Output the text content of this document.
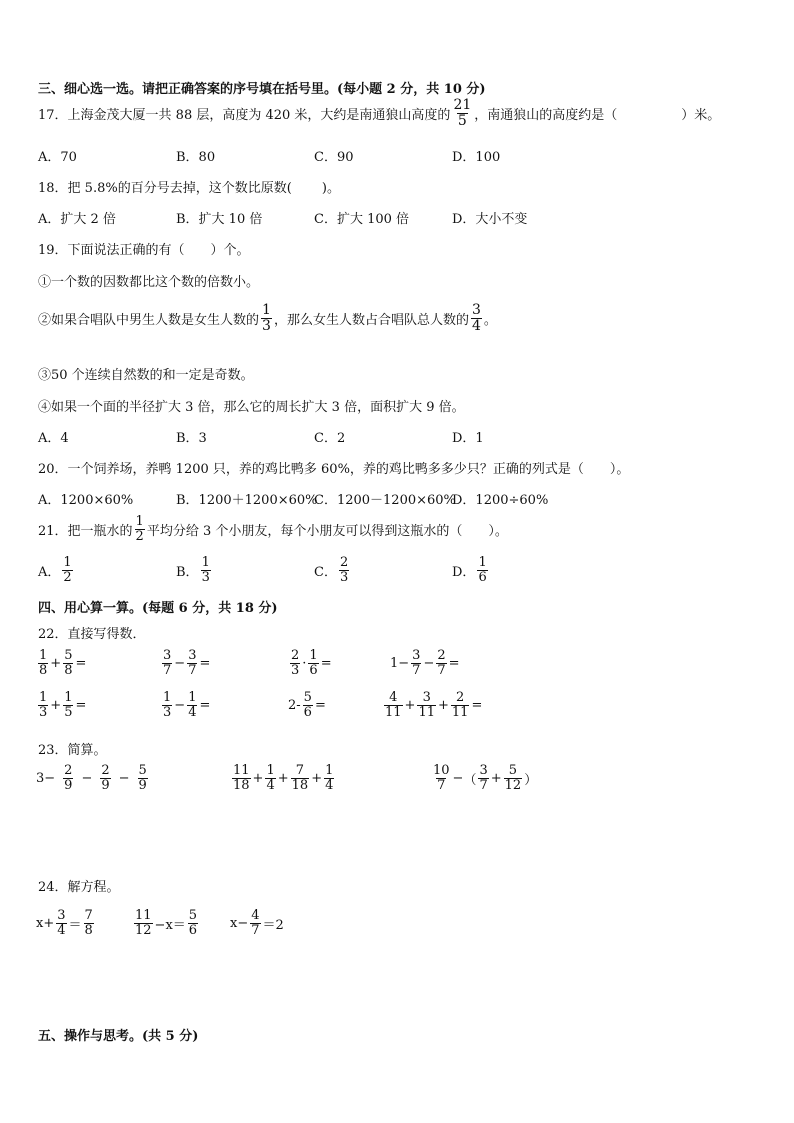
三、细心选一选。请把正确答案的序号填在括号里。(每小题 2 分，共 10 分)
17．上海金茂大厦一共 88 层，高度为 420 米，大约是南通狼山高度的 $\frac{21}{5}$ ，南通狼山的高度约是（	）米。
A．70	B．80	C．90	D．100
18．把 5.8%的百分号去掉，这个数比原数(　　 )。
A．扩大 2 倍	B．扩大 10 倍	C．扩大 100 倍	D．大小不变
19．下面说法正确的有（　　）个。
①一个数的因数都比这个数的倍数小。
②如果合唱队中男生人数是女生人数的 $\frac{1}{3}$ ，那么女生人数占合唱队总人数的 $\frac{3}{4}$ 。
③50 个连续自然数的和一定是奇数。
④如果一个面的半径扩大 3 倍，那么它的周长扩大 3 倍，面积扩大 9 倍。
A．4	B．3	C．2	D．1
20．一个饲养场，养鸭 1200 只，养的鸡比鸭多 60%，养的鸡比鸭多多少只？正确的列式是（　　）。
A．1200×60%	B．1200＋1200×60%
C．1200－1200×60%
D．1200÷60%
21．把一瓶水的 $\frac{1}{2}$ 平均分给 3 个小朋友，每个小朋友可以得到这瓶水的（　　）。
A． $\frac{1}{2}$	B． $\frac{1}{3}$	C． $\frac{2}{3}$	D． $\frac{1}{6}$
四、用心算一算。(每题 6 分，共 18 分)
22．直接写得数．
$\frac{1}{8} + \frac{5}{8}$ =	$\frac{3}{7} - \frac{3}{7}$ =	$\frac{2}{3} \cdot \frac{1}{6}$ =	$1- \frac{3}{7} - \frac{2}{7}$ =
$\frac{1}{3} + \frac{1}{5}$ =	$\frac{1}{3} - \frac{1}{4}$ =	$2- \frac{5}{6}$ =	$\frac{4}{11} + \frac{3}{11} + \frac{2}{11}$ =
23．简算。
$3- \frac{2}{9} - \frac{2}{9} - \frac{5}{9}$	$\frac{11}{18} + \frac{1}{4} + \frac{7}{18} + \frac{1}{4}$	$\frac{10}{7}$ − （ $\frac{3}{7} + \frac{5}{12}$ ）
24．解方程。
$x+ \frac{3}{4} = \frac{7}{8}$	$\frac{11}{12} -x= \frac{5}{6} x- \frac{4}{7} =2$
五、操作与思考。(共 5 分)
